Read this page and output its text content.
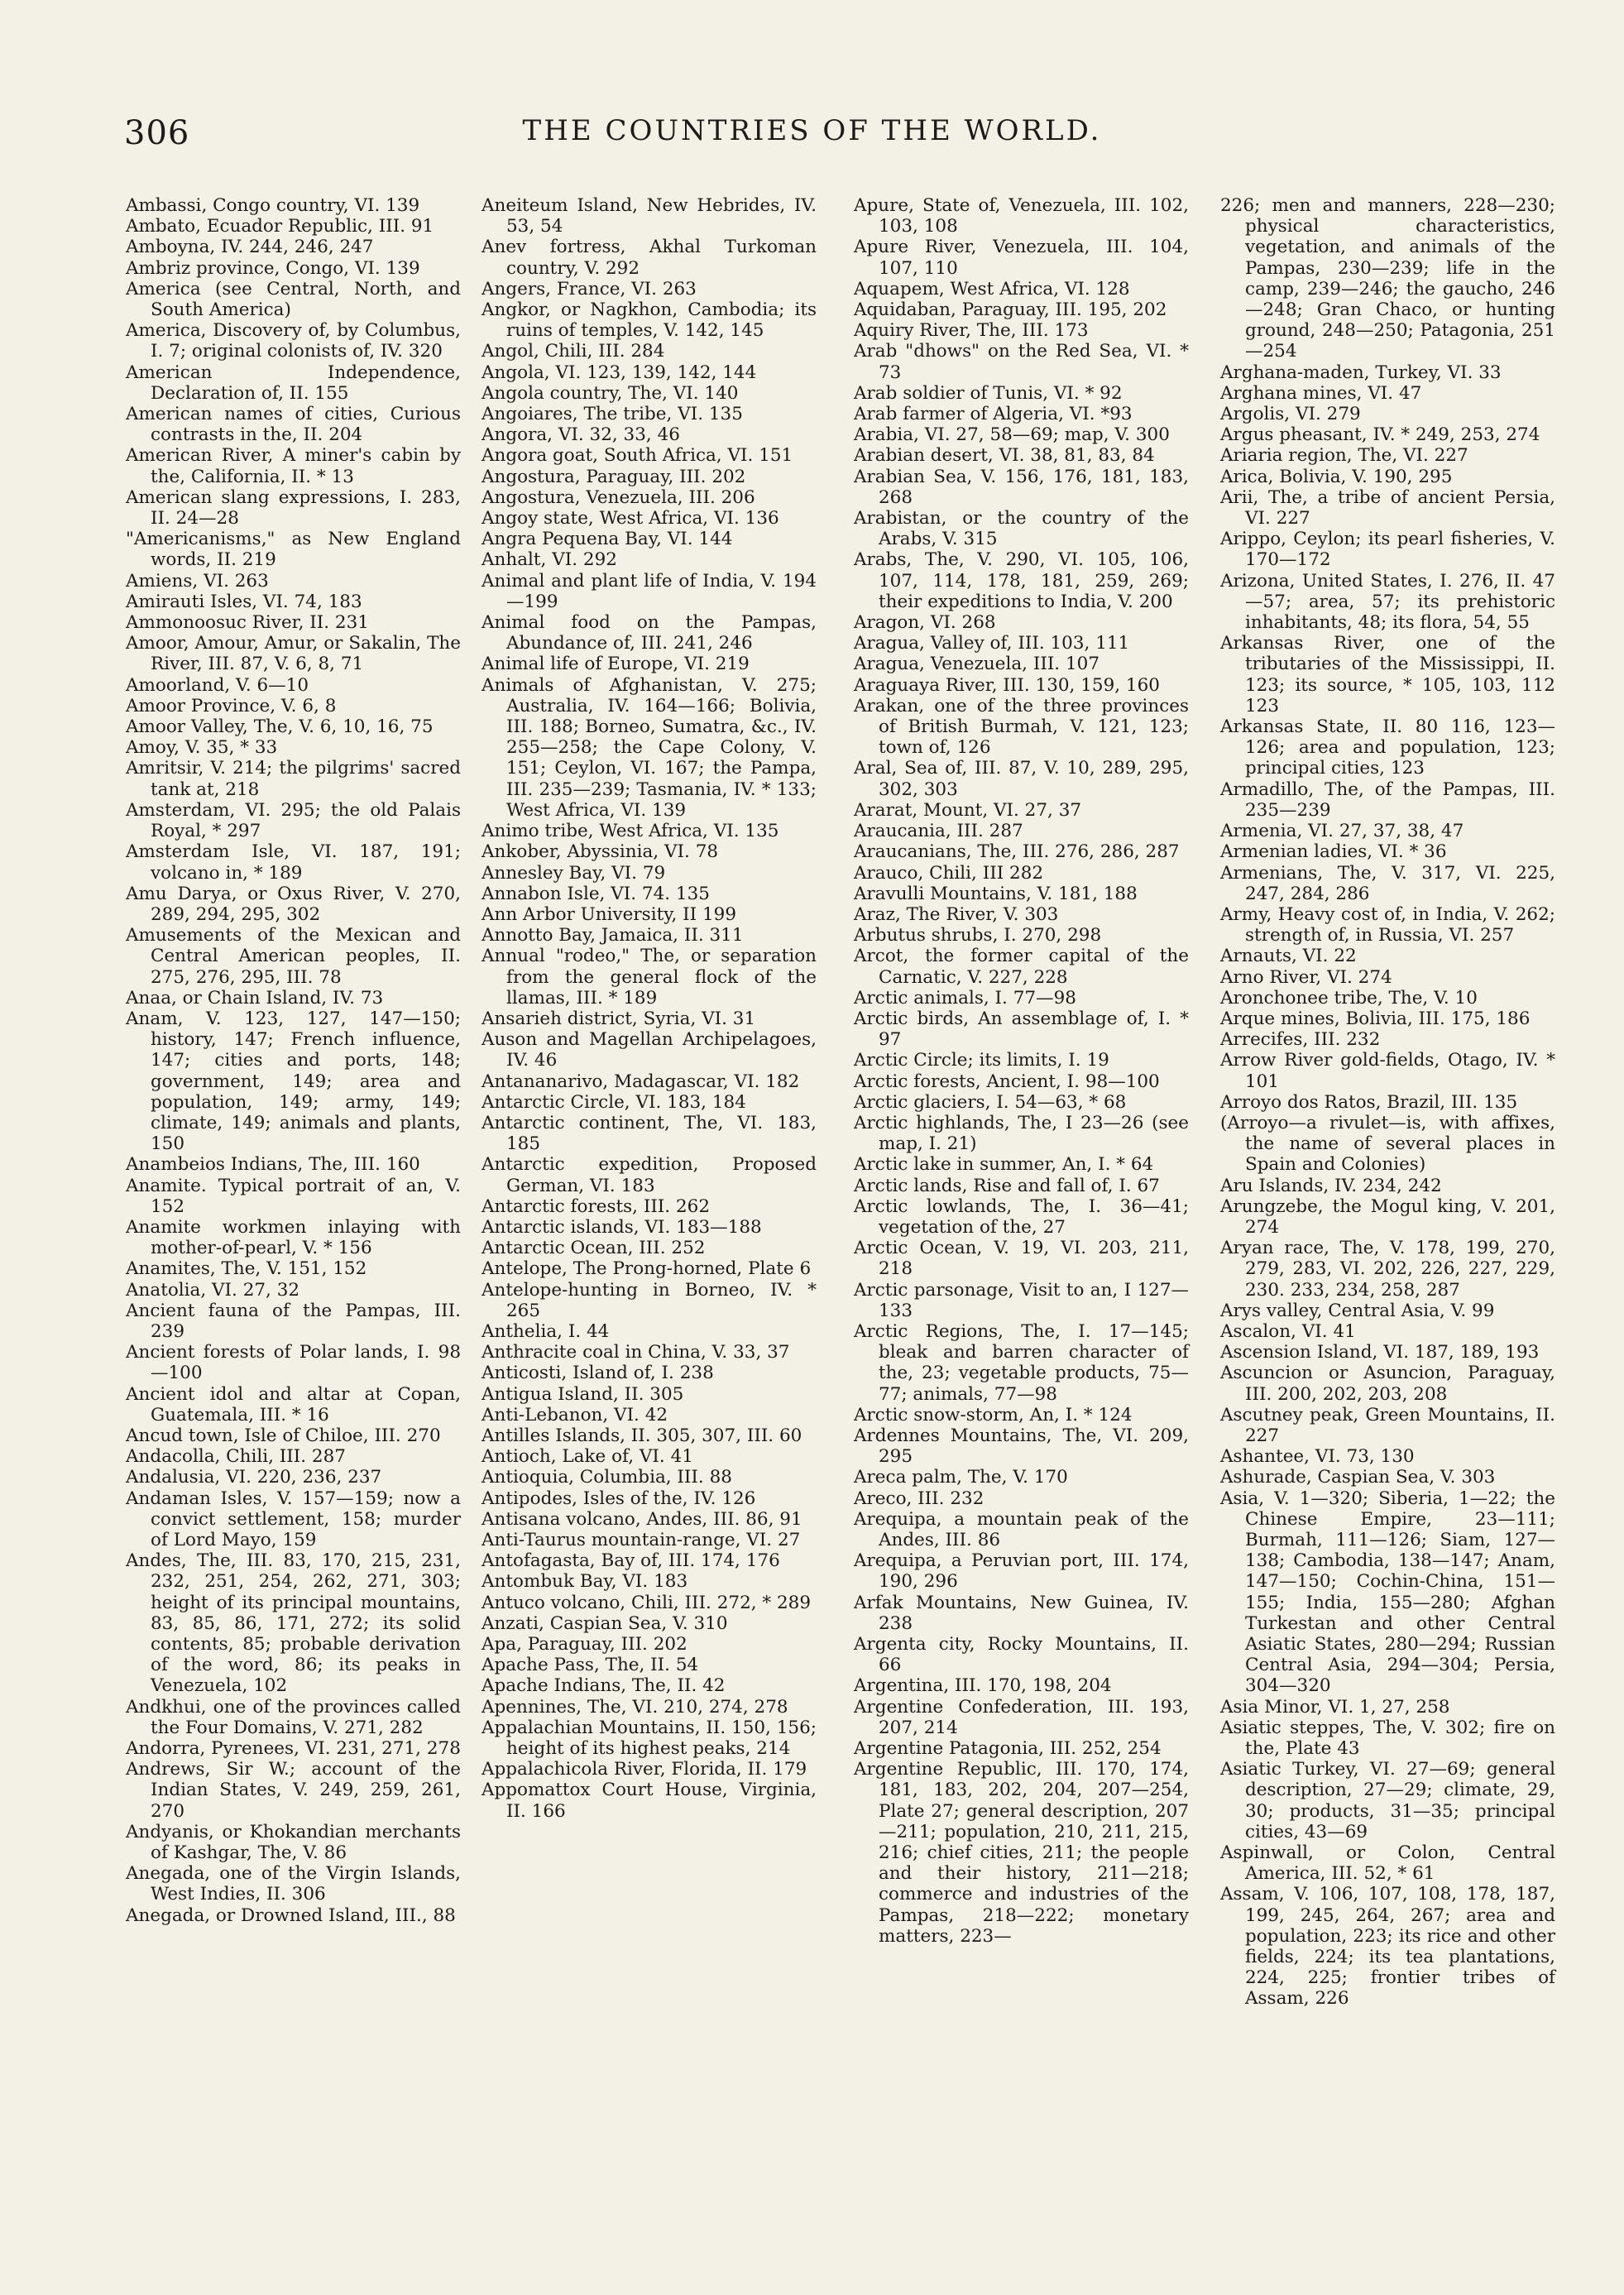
306	THE COUNTRIES OF THE WORLD.

Ambassi, Congo country, VI. 139

Ambato, Ecuador Republic, III. 91

Amboyna, IV. 244, 246, 247

Ambriz province, Congo, VI. 139

America (see Central, North, and South America)

America, Discovery of, by Columbus, I. 7; original colonists of, IV. 320

American Independence, Declaration of, II. 155

American names of cities, Curious contrasts in the, II. 204

American River, A miner's cabin by the, California, II. * 13

American slang expressions, I. 283, II. 24—28

"Americanisms," as New England words, II. 219

Amiens, VI. 263

Amirauti Isles, VI. 74, 183

Ammonoosuc River, II. 231

Amoor, Amour, Amur, or Sakalin, The River, III. 87, V. 6, 8, 71

Amoorland, V. 6—10

Amoor Province, V. 6, 8

Amoor Valley, The, V. 6, 10, 16, 75

Amoy, V. 35, * 33

Amritsir, V. 214; the pilgrims' sacred tank at, 218

Amsterdam, VI. 295; the old Palais Royal, * 297

Amsterdam Isle, VI. 187, 191; volcano in, * 189

Amu Darya, or Oxus River, V. 270, 289, 294, 295, 302

Amusements of the Mexican and Central American peoples, II. 275, 276, 295, III. 78

Anaa, or Chain Island, IV. 73

Anam, V. 123, 127, 147—150; history, 147; French influence, 147; cities and ports, 148; government, 149; area and population, 149; army, 149; climate, 149; animals and plants, 150

Anambeios Indians, The, III. 160

Anamite. Typical portrait of an, V. 152

Anamite workmen inlaying with mother-of-pearl, V. * 156

Anamites, The, V. 151, 152

Anatolia, VI. 27, 32

Ancient fauna of the Pampas, III. 239

Ancient forests of Polar lands, I. 98—100

Ancient idol and altar at Copan, Guatemala, III. * 16

Ancud town, Isle of Chiloe, III. 270

Andacolla, Chili, III. 287

Andalusia, VI. 220, 236, 237

Andaman Isles, V. 157—159; now a convict settlement, 158; murder of Lord Mayo, 159

Andes, The, III. 83, 170, 215, 231, 232, 251, 254, 262, 271, 303; height of its principal mountains, 83, 85, 86, 171, 272; its solid contents, 85; probable derivation of the word, 86; its peaks in Venezuela, 102

Andkhui, one of the provinces called the Four Domains, V. 271, 282

Andorra, Pyrenees, VI. 231, 271, 278

Andrews, Sir W.; account of the Indian States, V. 249, 259, 261, 270

Andyanis, or Khokandian merchants of Kashgar, The, V. 86

Anegada, one of the Virgin Islands, West Indies, II. 306

Anegada, or Drowned Island, III., 88

Aneiteum Island, New Hebrides, IV. 53, 54

Anev fortress, Akhal Turkoman country, V. 292

Angers, France, VI. 263

Angkor, or Nagkhon, Cambodia; its ruins of temples, V. 142, 145

Angol, Chili, III. 284

Angola, VI. 123, 139, 142, 144

Angola country, The, VI. 140

Angoiares, The tribe, VI. 135

Angora, VI. 32, 33, 46

Angora goat, South Africa, VI. 151

Angostura, Paraguay, III. 202

Angostura, Venezuela, III. 206

Angoy state, West Africa, VI. 136

Angra Pequena Bay, VI. 144

Anhalt, VI. 292

Animal and plant life of India, V. 194—199

Animal food on the Pampas, Abundance of, III. 241, 246

Animal life of Europe, VI. 219

Animals of Afghanistan, V. 275; Australia, IV. 164—166; Bolivia, III. 188; Borneo, Sumatra, &c., IV. 255—258; the Cape Colony, V. 151; Ceylon, VI. 167; the Pampa, III. 235—239; Tasmania, IV. * 133; West Africa, VI. 139

Animo tribe, West Africa, VI. 135

Ankober, Abyssinia, VI. 78

Annesley Bay, VI. 79

Annabon Isle, VI. 74. 135

Ann Arbor University, II 199

Annotto Bay, Jamaica, II. 311

Annual "rodeo," The, or separation from the general flock of the llamas, III. * 189

Ansarieh district, Syria, VI. 31

Auson and Magellan Archipelagoes, IV. 46

Antananarivo, Madagascar, VI. 182

Antarctic Circle, VI. 183, 184

Antarctic continent, The, VI. 183, 185

Antarctic expedition, Proposed German, VI. 183

Antarctic forests, III. 262

Antarctic islands, VI. 183—188

Antarctic Ocean, III. 252

Antelope, The Prong-horned, Plate 6

Antelope-hunting in Borneo, IV. * 265

Anthelia, I. 44

Anthracite coal in China, V. 33, 37

Anticosti, Island of, I. 238

Antigua Island, II. 305

Anti-Lebanon, VI. 42

Antilles Islands, II. 305, 307, III. 60

Antioch, Lake of, VI. 41

Antioquia, Columbia, III. 88

Antipodes, Isles of the, IV. 126

Antisana volcano, Andes, III. 86, 91

Anti-Taurus mountain-range, VI. 27

Antofagasta, Bay of, III. 174, 176

Antombuk Bay, VI. 183

Antuco volcano, Chili, III. 272, * 289

Anzati, Caspian Sea, V. 310

Apa, Paraguay, III. 202

Apache Pass, The, II. 54

Apache Indians, The, II. 42

Apennines, The, VI. 210, 274, 278

Appalachian Mountains, II. 150, 156; height of its highest peaks, 214

Appalachicola River, Florida, II. 179

Appomattox Court House, Virginia, II. 166

Apure, State of, Venezuela, III. 102, 103, 108

Apure River, Venezuela, III. 104, 107, 110

Aquapem, West Africa, VI. 128

Aquidaban, Paraguay, III. 195, 202

Aquiry River, The, III. 173

Arab "dhows" on the Red Sea, VI. * 73

Arab soldier of Tunis, VI. * 92

Arab farmer of Algeria, VI. *93

Arabia, VI. 27, 58—69; map, V. 300

Arabian desert, VI. 38, 81, 83, 84

Arabian Sea, V. 156, 176, 181, 183, 268

Arabistan, or the country of the Arabs, V. 315

Arabs, The, V. 290, VI. 105, 106, 107, 114, 178, 181, 259, 269; their expeditions to India, V. 200

Aragon, VI. 268

Aragua, Valley of, III. 103, 111

Aragua, Venezuela, III. 107

Araguaya River, III. 130, 159, 160

Arakan, one of the three provinces of British Burmah, V. 121, 123; town of, 126

Aral, Sea of, III. 87, V. 10, 289, 295, 302, 303

Ararat, Mount, VI. 27, 37

Araucania, III. 287

Araucanians, The, III. 276, 286, 287

Arauco, Chili, III 282

Aravulli Mountains, V. 181, 188

Araz, The River, V. 303

Arbutus shrubs, I. 270, 298

Arcot, the former capital of the Carnatic, V. 227, 228

Arctic animals, I. 77—98

Arctic birds, An assemblage of, I. * 97

Arctic Circle; its limits, I. 19

Arctic forests, Ancient, I. 98—100

Arctic glaciers, I. 54—63, * 68

Arctic highlands, The, I 23—26 (see map, I. 21)

Arctic lake in summer, An, I. * 64

Arctic lands, Rise and fall of, I. 67

Arctic lowlands, The, I. 36—41; vegetation of the, 27

Arctic Ocean, V. 19, VI. 203, 211, 218

Arctic parsonage, Visit to an, I 127—133

Arctic Regions, The, I. 17—145; bleak and barren character of the, 23; vegetable products, 75—77; animals, 77—98

Arctic snow-storm, An, I. * 124

Ardennes Mountains, The, VI. 209, 295

Areca palm, The, V. 170

Areco, III. 232

Arequipa, a mountain peak of the Andes, III. 86

Arequipa, a Peruvian port, III. 174, 190, 296

Arfak Mountains, New Guinea, IV. 238

Argenta city, Rocky Mountains, II. 66

Argentina, III. 170, 198, 204

Argentine Confederation, III. 193, 207, 214

Argentine Patagonia, III. 252, 254

Argentine Republic, III. 170, 174, 181, 183, 202, 204, 207—254, Plate 27; general description, 207—211; population, 210, 211, 215, 216; chief cities, 211; the people and their history, 211—218; commerce and industries of the Pampas, 218—222; monetary matters, 223—

226; men and manners, 228—230; physical characteristics, vegetation, and animals of the Pampas, 230—239; life in the camp, 239—246; the gaucho, 246—248; Gran Chaco, or hunting ground, 248—250; Patagonia, 251—254

Arghana-maden, Turkey, VI. 33

Arghana mines, VI. 47

Argolis, VI. 279

Argus pheasant, IV. * 249, 253, 274

Ariaria region, The, VI. 227

Arica, Bolivia, V. 190, 295

Arii, The, a tribe of ancient Persia, VI. 227

Arippo, Ceylon; its pearl fisheries, V. 170—172

Arizona, United States, I. 276, II. 47—57; area, 57; its prehistoric inhabitants, 48; its flora, 54, 55

Arkansas River, one of the tributaries of the Mississippi, II. 123; its source, * 105, 103, 112 123

Arkansas State, II. 80 116, 123—126; area and population, 123; principal cities, 123

Armadillo, The, of the Pampas, III. 235—239

Armenia, VI. 27, 37, 38, 47

Armenian ladies, VI. * 36

Armenians, The, V. 317, VI. 225, 247, 284, 286

Army, Heavy cost of, in India, V. 262; strength of, in Russia, VI. 257

Arnauts, VI. 22

Arno River, VI. 274

Aronchonee tribe, The, V. 10

Arque mines, Bolivia, III. 175, 186

Arrecifes, III. 232

Arrow River gold-fields, Otago, IV. * 101

Arroyo dos Ratos, Brazil, III. 135

(Arroyo—a rivulet—is, with affixes, the name of several places in Spain and Colonies)

Aru Islands, IV. 234, 242

Arungzebe, the Mogul king, V. 201, 274

Aryan race, The, V. 178, 199, 270, 279, 283, VI. 202, 226, 227, 229, 230. 233, 234, 258, 287

Arys valley, Central Asia, V. 99

Ascalon, VI. 41

Ascension Island, VI. 187, 189, 193

Ascuncion or Asuncion, Paraguay, III. 200, 202, 203, 208

Ascutney peak, Green Mountains, II. 227

Ashantee, VI. 73, 130

Ashurade, Caspian Sea, V. 303

Asia, V. 1—320; Siberia, 1—22; the Chinese Empire, 23—111; Burmah, 111—126; Siam, 127—138; Cambodia, 138—147; Anam, 147—150; Cochin-China, 151—155; India, 155—280; Afghan Turkestan and other Central Asiatic States, 280—294; Russian Central Asia, 294—304; Persia, 304—320

Asia Minor, VI. 1, 27, 258

Asiatic steppes, The, V. 302; fire on the, Plate 43

Asiatic Turkey, VI. 27—69; general description, 27—29; climate, 29, 30; products, 31—35; principal cities, 43—69

Aspinwall, or Colon, Central America, III. 52, * 61

Assam, V. 106, 107, 108, 178, 187, 199, 245, 264, 267; area and population, 223; its rice and other fields, 224; its tea plantations, 224, 225; frontier tribes of Assam, 226
